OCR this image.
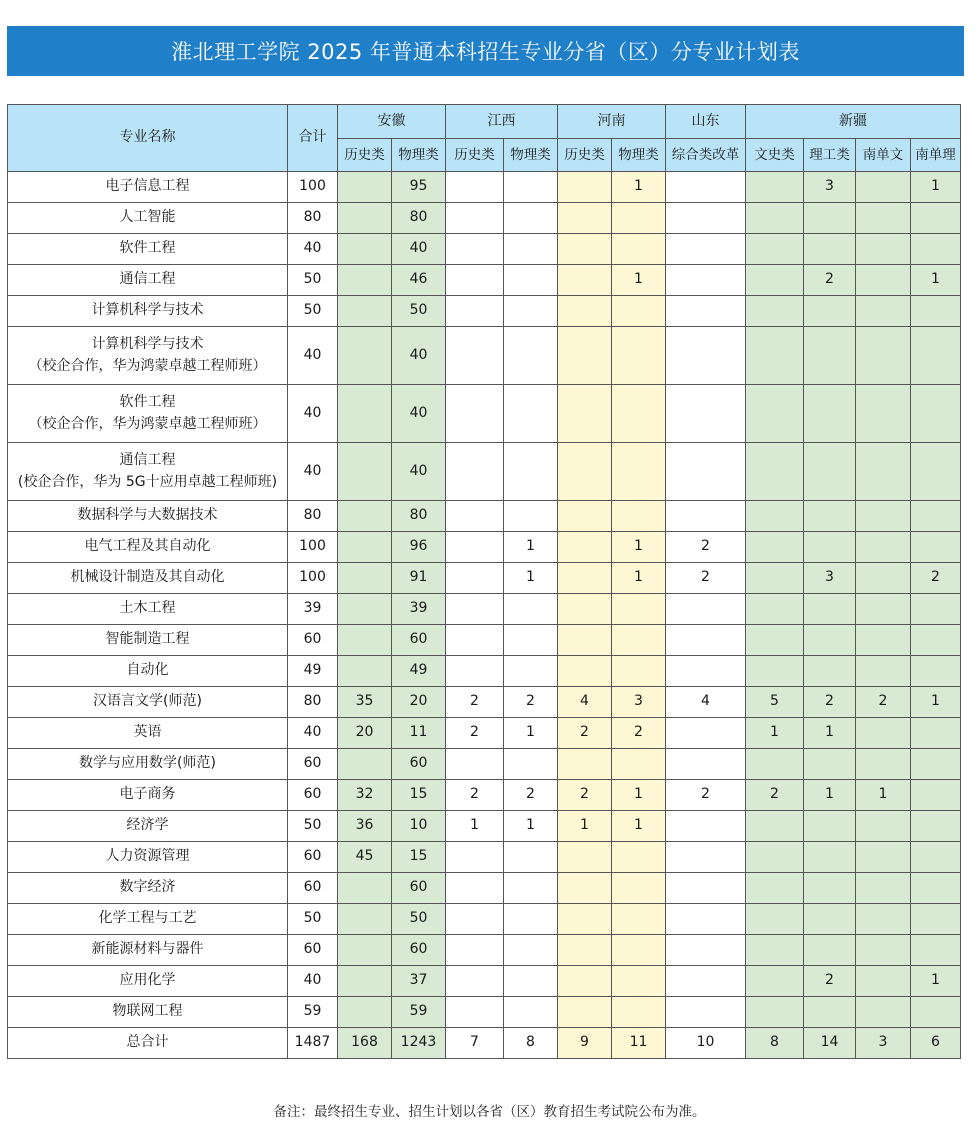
淮北理工学院 2025 年普通本科招生专业分省（区）分专业计划表
专业名称	合计	安徽		江西		河南		山东	新疆			
		历史类	物理类	历史类	物理类	历史类	物理类	综合类改革	文史类	理工类	南单文	南单理

电子信息工程	100		95				1			3		1

人工智能	80		80									

软件工程	40		40									

通信工程	50		46				1			2		1

计算机科学与技术	50		50									

计算机科学与技术
（校企合作，华为鸿蒙卓越工程师班）	40		40									

软件工程
（校企合作，华为鸿蒙卓越工程师班）	40		40									

通信工程
(校企合作，华为 5G十应用卓越工程师班)	40		40									

数据科学与大数据技术	80		80									

电气工程及其自动化	100		96		1		1	2				

机械设计制造及其自动化	100		91		1		1	2		3		2

土木工程	39		39									

智能制造工程	60		60									

自动化	49		49									

汉语言文学(师范)	80	35	20	2	2	4	3	4	5	2	2	1

英语	40	20	11	2	1	2	2		1	1		

数学与应用数学(师范)	60		60									

电子商务	60	32	15	2	2	2	1	2	2	1	1	

经济学	50	36	10	1	1	1	1					

人力资源管理	60	45	15									

数字经济	60		60									

化学工程与工艺	50		50									

新能源材料与器件	60		60									

应用化学	40		37							2		1

物联网工程	59		59									

总合计	1487	168	1243	7	8	9	11	10	8	14	3	6
备注：最终招生专业、招生计划以各省（区）教育招生考试院公布为准。
